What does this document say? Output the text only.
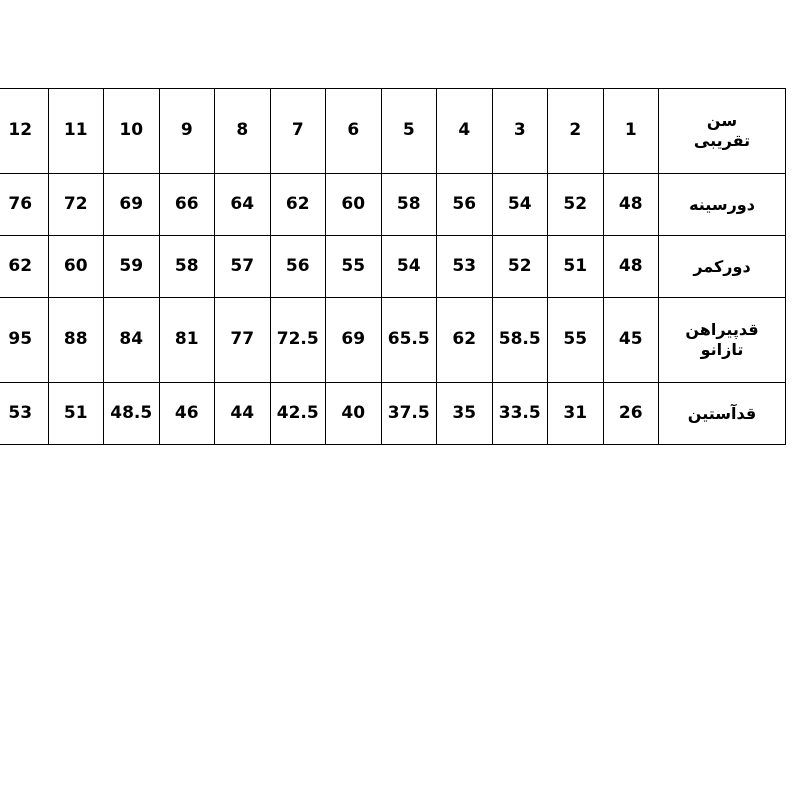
سن
تقریبی	1	2	3	4	5	6	7	8	9	10	11	12

دورسینه	48	52	54	56	58	60	62	64	66	69	72	76

دورکمر	48	51	52	53	54	55	56	57	58	59	60	62

قدپیراهن
تازانو	45	55	58.5	62	65.5	69	72.5	77	81	84	88	95

قدآستین	26	31	33.5	35	37.5	40	42.5	44	46	48.5	51	53
